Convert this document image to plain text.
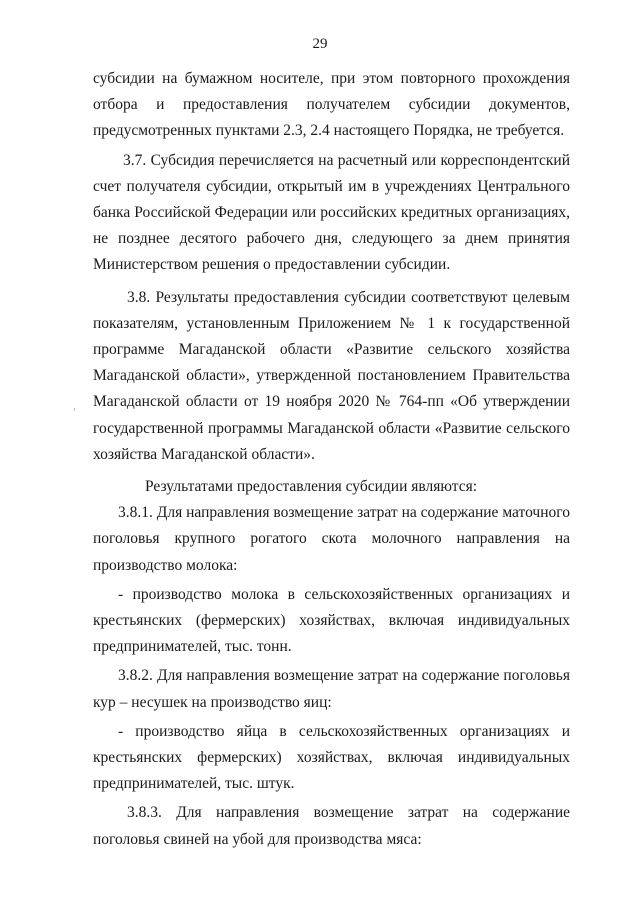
29

субсидии на бумажном носителе, при этом повторного прохождения отбора и предоставления получателем субсидии документов, предусмотренных пунктами 2.3, 2.4 настоящего Порядка, не требуется.

3.7. Субсидия перечисляется на расчетный или корреспондентский счет получателя субсидии, открытый им в учреждениях Центрального банка Российской Федерации или российских кредитных организациях, не позднее десятого рабочего дня, следующего за днем принятия Министерством решения о предоставлении субсидии.

3.8. Результаты предоставления субсидии соответствуют целевым показателям, установленным Приложением № 1 к государственной программе Магаданской области «Развитие сельского хозяйства Магаданской области», утвержденной постановлением Правительства Магаданской области от 19 ноября 2020 № 764-пп «Об утверждении государственной программы Магаданской области «Развитие сельского хозяйства Магаданской области».

Результатами предоставления субсидии являются:

3.8.1. Для направления возмещение затрат на содержание маточного поголовья крупного рогатого скота молочного направления на производство молока:

- производство молока в сельскохозяйственных организациях и крестьянских (фермерских) хозяйствах, включая индивидуальных предпринимателей, тыс. тонн.

3.8.2. Для направления возмещение затрат на содержание поголовья кур – несушек на производство яиц:

- производство яйца в сельскохозяйственных организациях и крестьянских фермерских) хозяйствах, включая индивидуальных предпринимателей, тыс. штук.

3.8.3. Для направления возмещение затрат на содержание поголовья свиней на убой для производства мяса:
